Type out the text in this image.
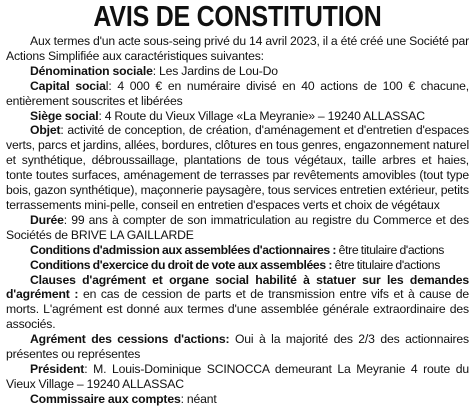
AVIS DE CONSTITUTION

Aux termes d'un acte sous-seing privé du 14 avril 2023, il a été créé une Société par Actions Simplifiée aux caractéristiques suivantes:

Dénomination sociale: Les Jardins de Lou-Do

Capital social: 4 000 € en numéraire divisé en 40 actions de 100 € chacune, entièrement souscrites et libérées

Siège social: 4 Route du Vieux Village «La Meyranie» – 19240 ALLASSAC

Objet: activité de conception, de création, d'aménagement et d'entretien d'espaces verts, parcs et jardins, allées, bordures, clôtures en tous genres, engazonnement naturel et synthétique, débroussaillage, plantations de tous végétaux, taille arbres et haies, tonte toutes surfaces, aménagement de terrasses par revêtements amovibles (tout type bois, gazon synthétique), maçonnerie paysagère, tous services entretien extérieur, petits terrassements mini-pelle, conseil en entretien d'espaces verts et choix de végétaux

Durée: 99 ans à compter de son immatriculation au registre du Commerce et des Sociétés de BRIVE LA GAILLARDE

Conditions d'admission aux assemblées d'actionnaires : être titulaire d'actions

Conditions d'exercice du droit de vote aux assemblées : être titulaire d'actions

Clauses d'agrément et organe social habilité à statuer sur les demandes d'agrément : en cas de cession de parts et de transmission entre vifs et à cause de morts. L'agrément est donné aux termes d'une assemblée générale extraordinaire des associés.

Agrément des cessions d'actions: Oui à la majorité des 2/3 des actionnaires présentes ou représentes

Président: M. Louis-Dominique SCINOCCA demeurant La Meyranie 4 route du Vieux Village – 19240 ALLASSAC

Commissaire aux comptes: néant
